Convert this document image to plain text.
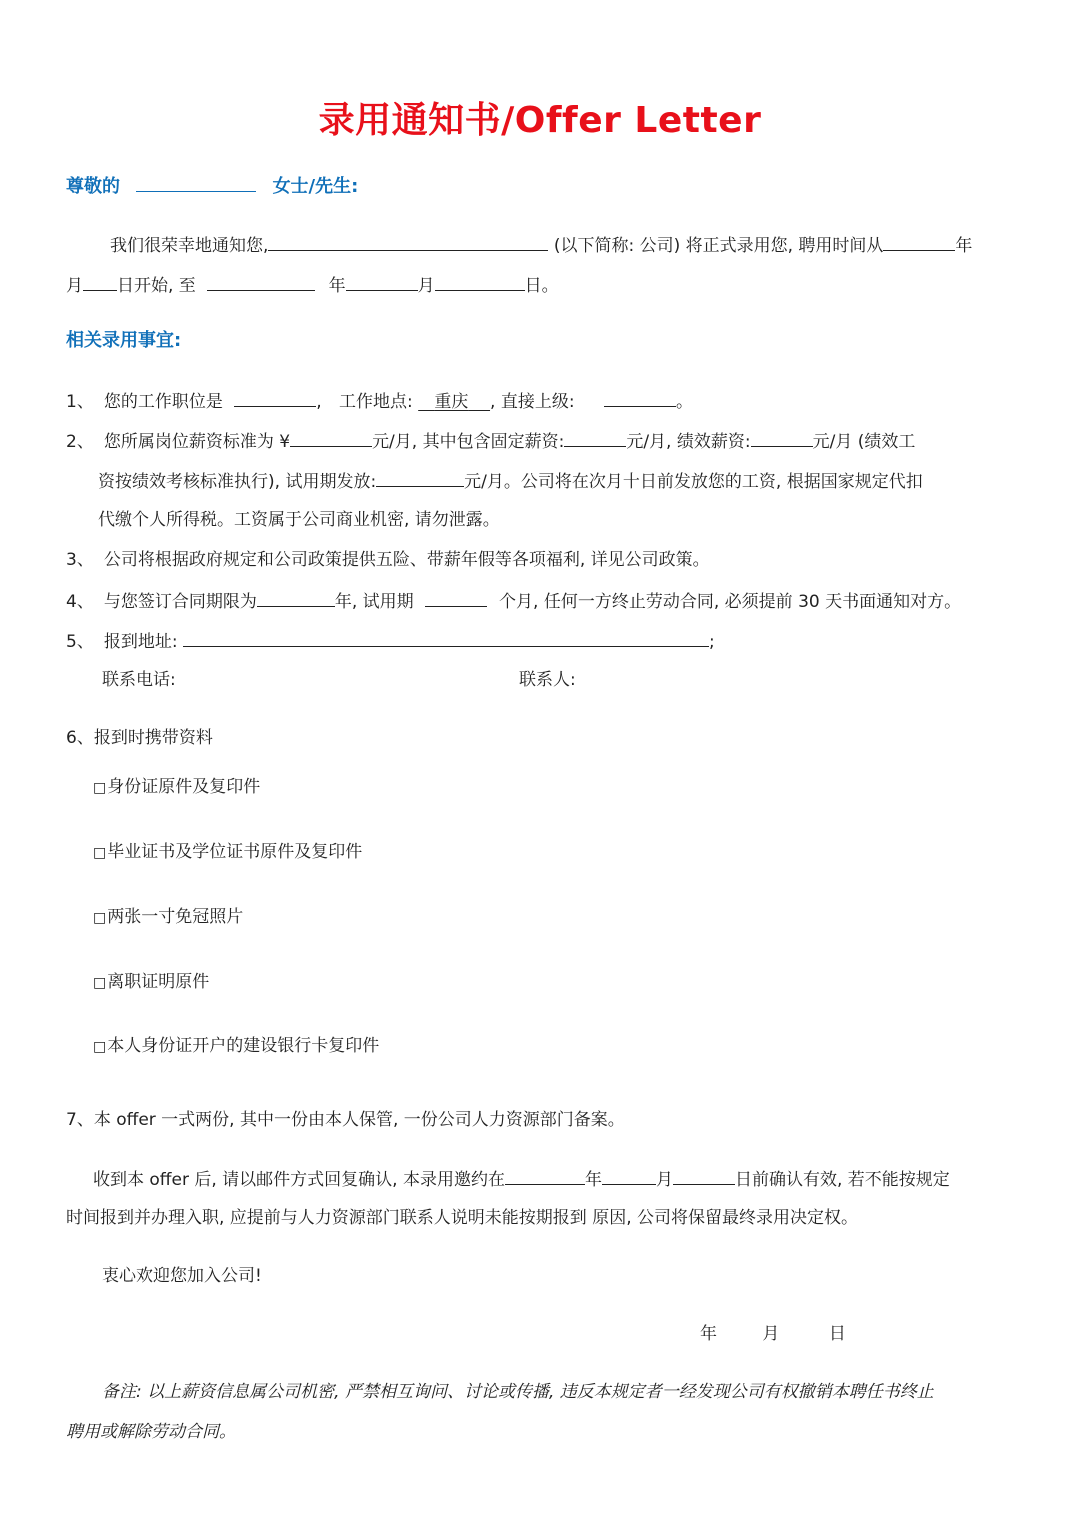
录用通知书/Offer Letter
尊敬的	女士/先生:
我们很荣幸地通知您,	(以下简称: 公司) 将正式录用您, 聘用时间从	年
月 日开始, 至	年	月	日。
相关录用事宜:
1、 您的工作职位是	, 工作地点: 重庆 , 直接上级:	。
2、 您所属岗位薪资标准为 ¥	元/月, 其中包含固定薪资:	元/月, 绩效薪资:	元/月 (绩效工
资按绩效考核标准执行), 试用期发放:	元/月。公司将在次月十日前发放您的工资, 根据国家规定代扣
代缴个人所得税。工资属于公司商业机密, 请勿泄露。
3、 公司将根据政府规定和公司政策提供五险、带薪年假等各项福利, 详见公司政策。
4、 与您签订合同期限为	年, 试用期	个月, 任何一方终止劳动合同, 必须提前 30 天书面通知对方。
5、 报到地址:	;
联系电话:	联系人:
6、报到时携带资料
□身份证原件及复印件
□毕业证书及学位证书原件及复印件
□两张一寸免冠照片
□离职证明原件
□本人身份证开户的建设银行卡复印件
7、本 offer 一式两份, 其中一份由本人保管, 一份公司人力资源部门备案。
收到本 offer 后, 请以邮件方式回复确认, 本录用邀约在	年	月	日前确认有效, 若不能按规定
时间报到并办理入职, 应提前与人力资源部门联系人说明未能按期报到 原因, 公司将保留最终录用决定权。
衷心欢迎您加入公司!
年	月	日
备注: 以上薪资信息属公司机密, 严禁相互询问、讨论或传播, 违反本规定者一经发现公司有权撤销本聘任书终止
聘用或解除劳动合同。
